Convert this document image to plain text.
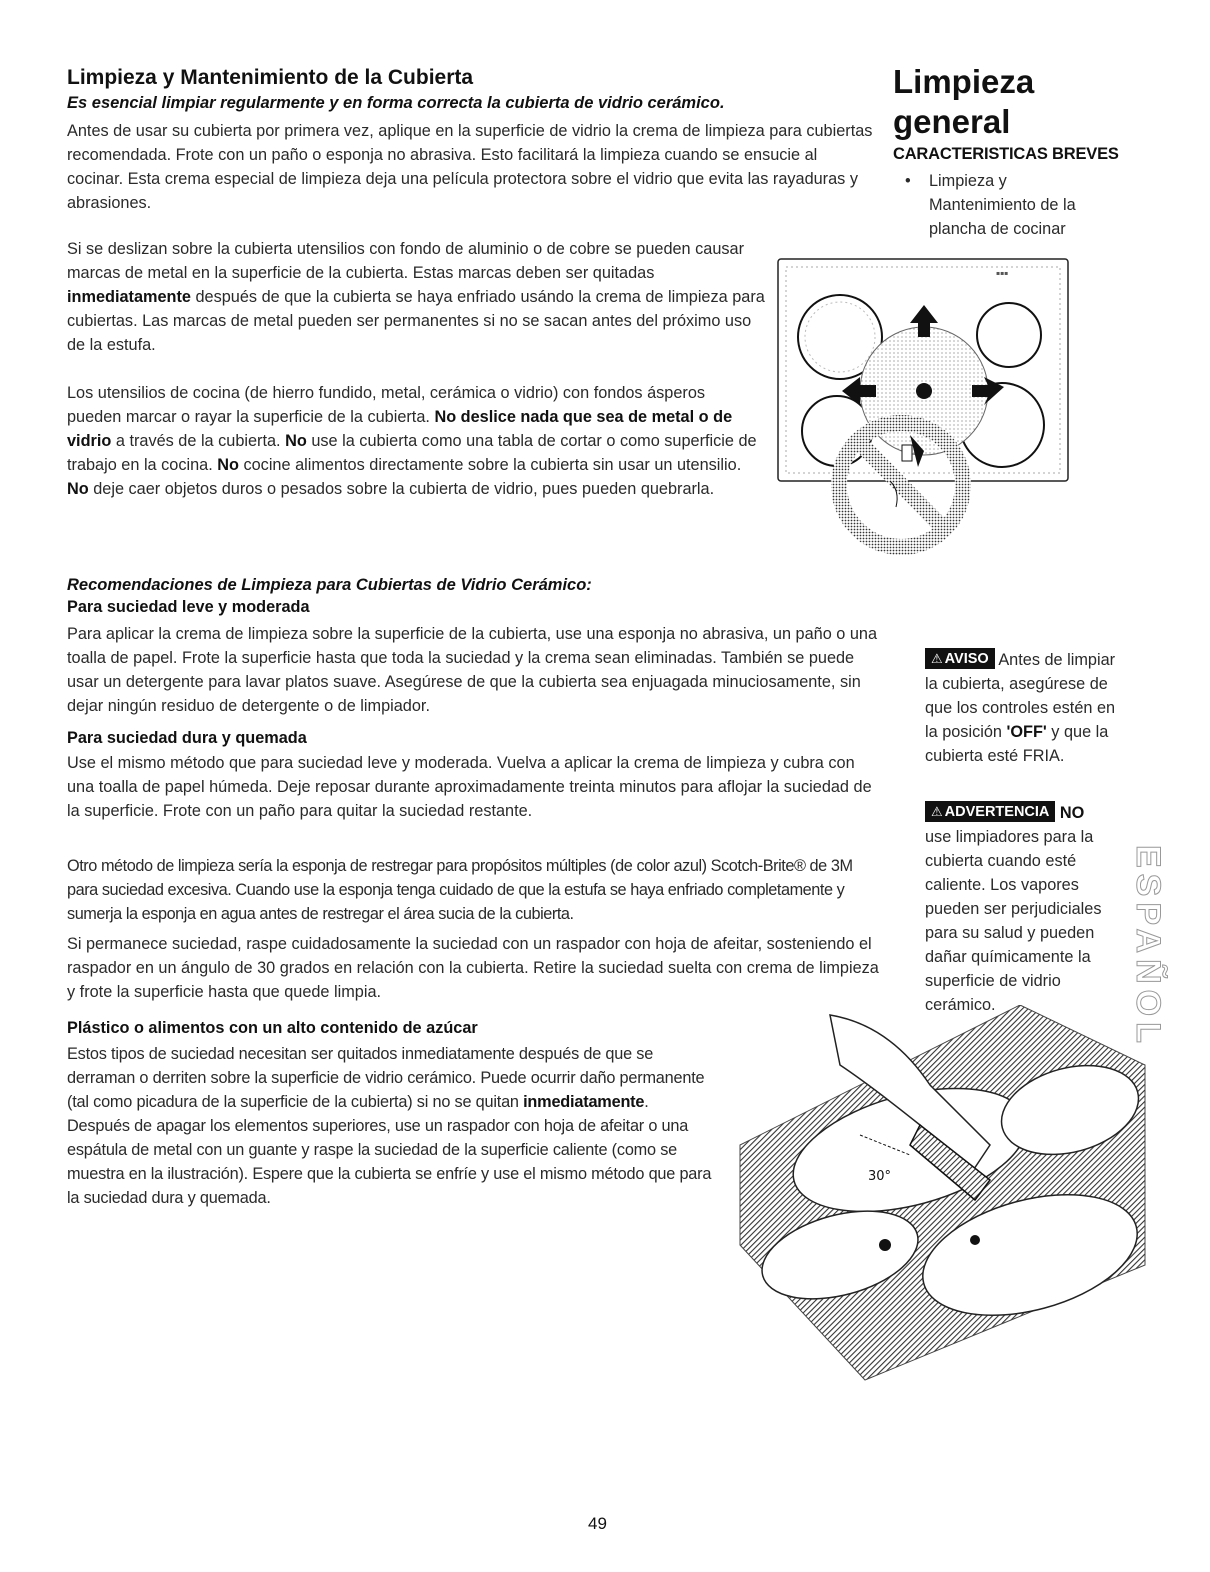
Limpieza y Mantenimiento de la Cubierta
Es esencial limpiar regularmente y en forma correcta la cubierta de vidrio cerámico.

Antes de usar su cubierta por primera vez, aplique en la superficie de vidrio la crema de limpieza para cubiertas recomendada. Frote con un paño o esponja no abrasiva. Esto facilitará la limpieza cuando se ensucie al cocinar. Esta crema especial de limpieza deja una película protectora sobre el vidrio que evita las rayaduras y abrasiones.

Si se deslizan sobre la cubierta utensilios con fondo de aluminio o de cobre se pueden causar marcas de metal en la superficie de la cubierta. Estas marcas deben ser quitadas inmediatamente después de que la cubierta se haya enfriado usándo la crema de limpieza para cubiertas. Las marcas de metal pueden ser permanentes si no se sacan antes del próximo uso de la estufa.

Los utensilios de cocina (de hierro fundido, metal, cerámica o vidrio) con fondos ásperos pueden marcar o rayar la superficie de la cubierta. No deslice nada que sea de metal o de vidrio a través de la cubierta. No use la cubierta como una tabla de cortar o como superficie de trabajo en la cocina. No cocine alimentos directamente sobre la cubierta sin usar un utensilio. No deje caer objetos duros o pesados sobre la cubierta de vidrio, pues pueden quebrarla.

Recomendaciones de Limpieza para Cubiertas de Vidrio Cerámico:
Para suciedad leve y moderada

Para aplicar la crema de limpieza sobre la superficie de la cubierta, use una esponja no abrasiva, un paño o una toalla de papel. Frote la superficie hasta que toda la suciedad y la crema sean eliminadas. También se puede usar un detergente para lavar platos suave. Asegúrese de que la cubierta sea enjuagada minuciosamente, sin dejar ningún residuo de detergente o de limpiador.

Para suciedad dura y quemada

Use el mismo método que para suciedad leve y moderada. Vuelva a aplicar la crema de limpieza y cubra con una toalla de papel húmeda. Deje reposar durante aproximadamente treinta minutos para aflojar la suciedad de la superficie. Frote con un paño para quitar la suciedad restante.

Otro método de limpieza sería la esponja de restregar para propósitos múltiples (de color azul) Scotch-Brite® de 3M para suciedad excesiva. Cuando use la esponja tenga cuidado de que la estufa se haya enfriado completamente y sumerja la esponja en agua antes de restregar el área sucia de la cubierta.

Si permanece suciedad, raspe cuidadosamente la suciedad con un raspador con hoja de afeitar, sosteniendo el raspador en un ángulo de 30 grados en relación con la cubierta. Retire la suciedad suelta con crema de limpieza y frote la superficie hasta que quede limpia.

Plástico o alimentos con un alto contenido de azúcar

Estos tipos de suciedad necesitan ser quitados inmediatamente después de que se derraman o derriten sobre la superficie de vidrio cerámico. Puede ocurrir daño permanente (tal como picadura de la superficie de la cubierta) si no se quitan inmediatamente. Después de apagar los elementos superiores, use un raspador con hoja de afeitar o una espátula de metal con un guante y raspe la suciedad de la superficie caliente (como se muestra en la ilustración). Espere que la cubierta se enfríe y use el mismo método que para la suciedad dura y quemada.

Limpieza
general
CARACTERISTICAS BREVES
• Limpieza y Mantenimiento de la plancha de cocinar
▪▪▪
⚠ AVISO Antes de limpiar la cubierta, asegúrese de que los controles estén en la posición 'OFF' y que la cubierta esté FRIA.
⚠ ADVERTENCIA NO
use limpiadores para la cubierta cuando esté caliente. Los vapores pueden ser perjudiciales para su salud y pueden dañar químicamente la superficie de vidrio cerámico.	ESPAÑOL
30°
49
